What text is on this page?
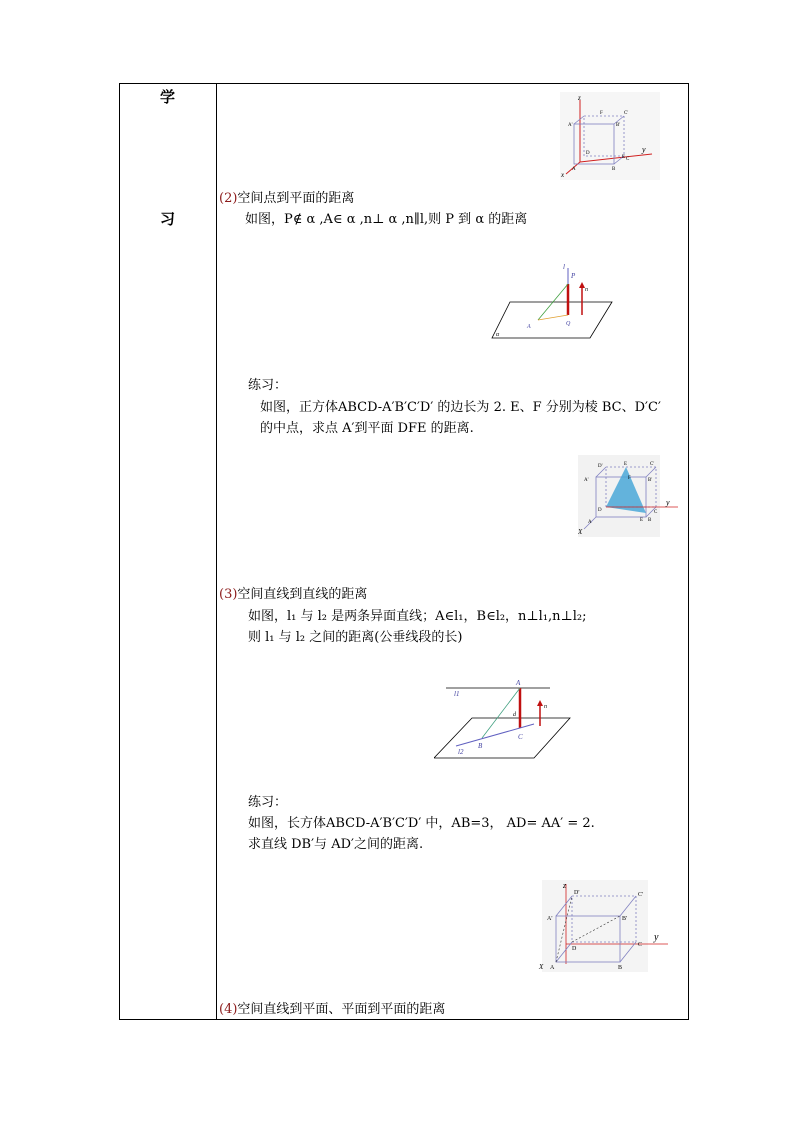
学
习
z
y
x
A'	B'
C'
F
E
A	B
C
D
(2)空间点到平面的距离
如图，P∉ α ,A∈ α ,n⊥ α ,n∥l,则 P 到 α 的距离
l
P
n
A	Q
α
练习：
如图，正方体ABCD-A′B′C′D′ 的边长为 2. E、F 分别为棱 BC、D′C′
的中点，求点 A′到平面 DFE 的距离.
y
X
D'	E	C'
A'	F	B'
D	C
A	E B
(3)空间直线到直线的距离
如图，l₁ 与 l₂ 是两条异面直线；A∈l₁，B∈l₂，n⊥l₁,n⊥l₂;
则 l₁ 与 l₂ 之间的距离(公垂线段的长)
l1
l2
A
n
d
B
C
练习：
如图，长方体ABCD-A′B′C′D′ 中，AB=3， AD= AA′ = 2.
求直线 DB′与 AD′之间的距离.
z
y
X
D'	C'
A'	B'
D
C
A	B
(4)空间直线到平面、平面到平面的距离
